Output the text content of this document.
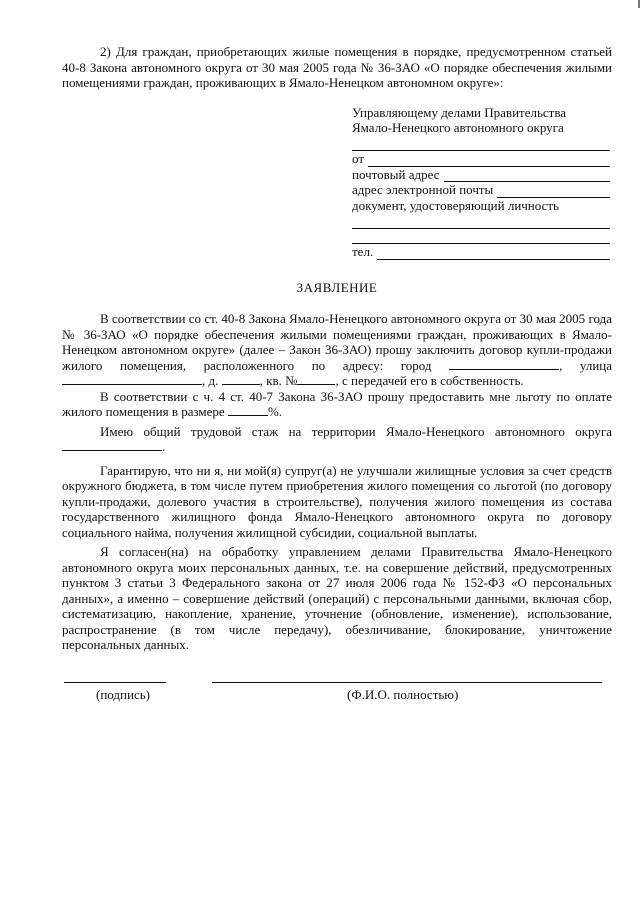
2) Для граждан, приобретающих жилые помещения в порядке, предусмотренном статьей 40-8 Закона автономного округа от 30 мая 2005 года № 36-ЗАО «О порядке обеспечения жилыми помещениями граждан, проживающих в Ямало-Ненецком автономном округе»:

Управляющему делами Правительства
Ямало-Ненецкого автономного округа
от
почтовый адрес
адрес электронной почты
документ, удостоверяющий личность
тел.
ЗАЯВЛЕНИЕ

В соответствии со ст. 40-8 Закона Ямало-Ненецкого автономного округа от 30 мая 2005 года № 36-ЗАО «О порядке обеспечения жилыми помещениями граждан, проживающих в Ямало-Ненецком автономном округе» (далее – Закон 36-ЗАО) прошу заключить договор купли-продажи жилого помещения, расположенного по адресу: город	, улица , д.	, кв. №	, с передачей его в собственность.

В соответствии с ч. 4 ст. 40-7 Закона 36-ЗАО прошу предоставить мне льготу по оплате жилого помещения в размере	%.

Имею общий трудовой стаж на территории Ямало-Ненецкого автономного округа .

Гарантирую, что ни я, ни мой(я) супруг(а) не улучшали жилищные условия за счет средств окружного бюджета, в том числе путем приобретения жилого помещения со льготой (по договору купли-продажи, долевого участия в строительстве), получения жилого помещения из состава государственного жилищного фонда Ямало-Ненецкого автономного округа по договору социального найма, получения жилищной субсидии, социальной выплаты.

Я согласен(на) на обработку управлением делами Правительства Ямало-Ненецкого автономного округа моих персональных данных, т.е. на совершение действий, предусмотренных пунктом 3 статьи 3 Федерального закона от 27 июля 2006 года № 152-ФЗ «О персональных данных», а именно – совершение действий (операций) с персональными данными, включая сбор, систематизацию, накопление, хранение, уточнение (обновление, изменение), использование, распространение (в том числе передачу), обезличивание, блокирование, уничтожение персональных данных.

(подпись)	(Ф.И.О. полностью)
